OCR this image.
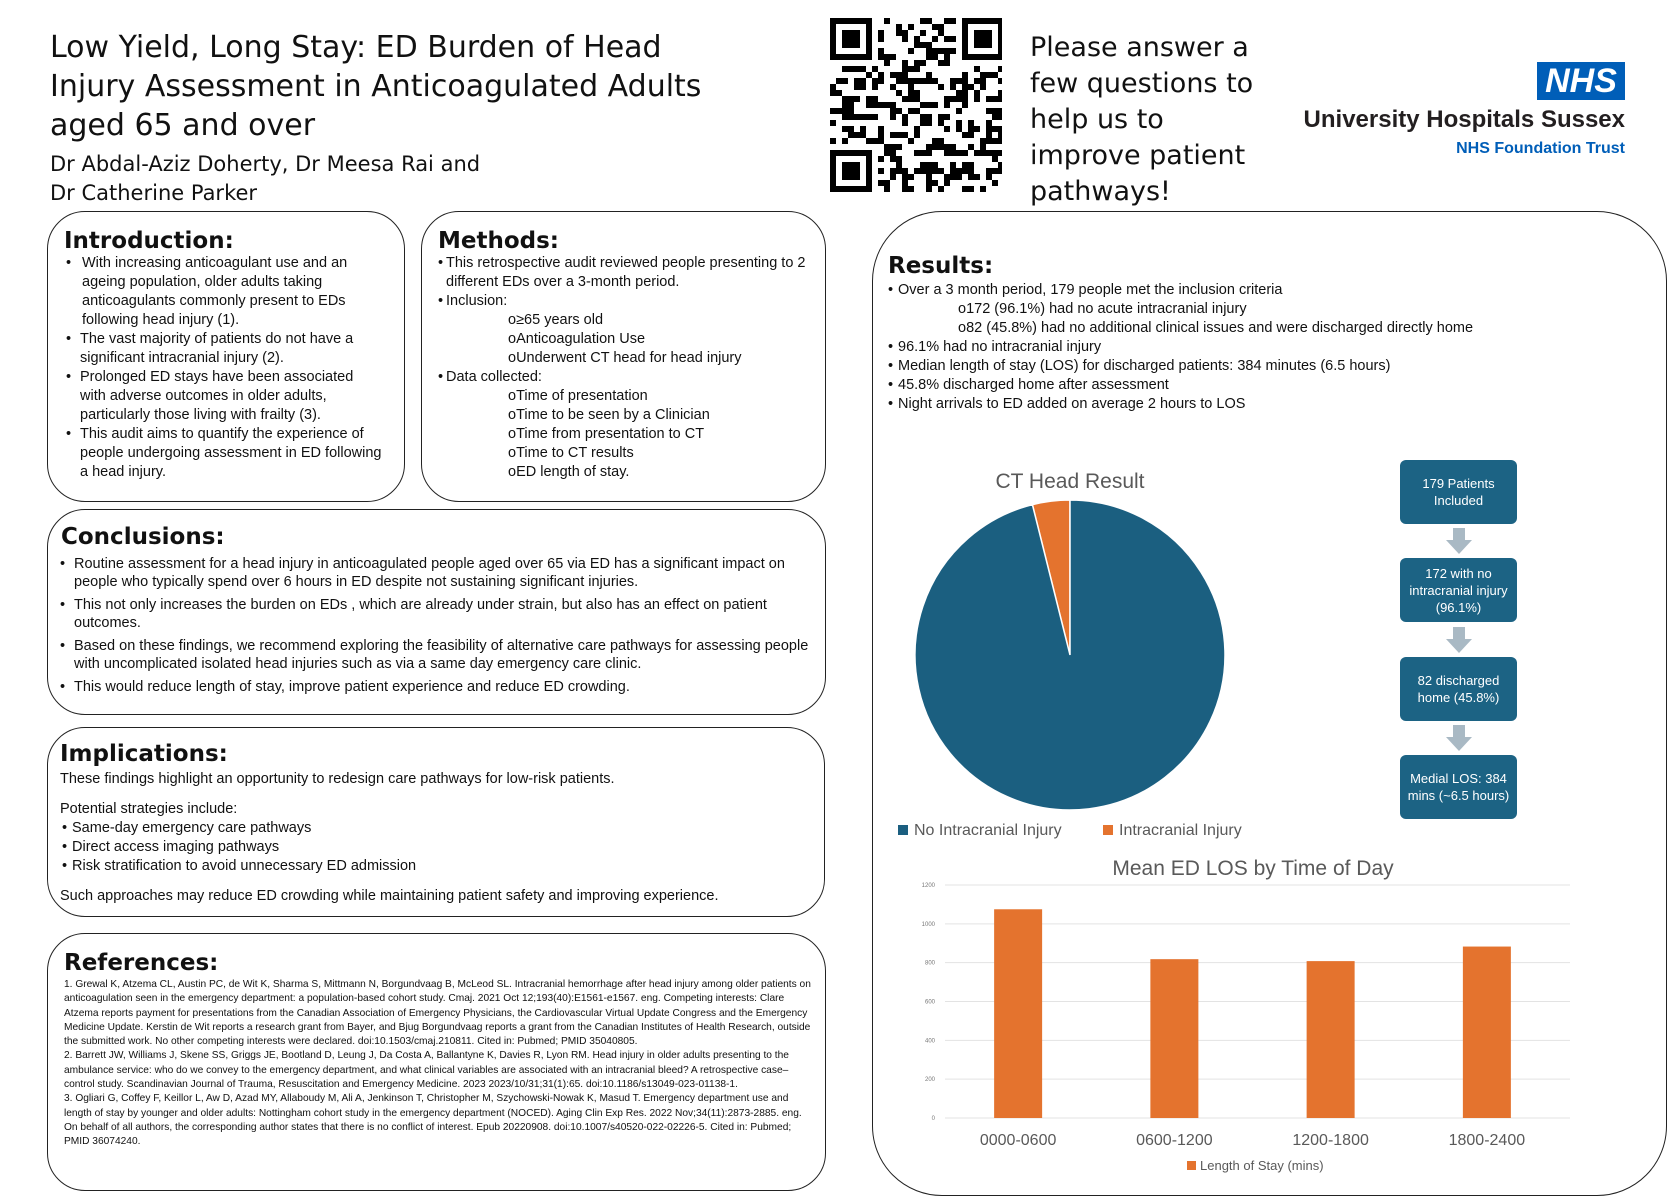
Low Yield, Long Stay: ED Burden of Head Injury Assessment in Anticoagulated Adults aged 65 and over
Dr Abdal-Aziz Doherty, Dr Meesa Rai and
Dr Catherine Parker
Please answer a few questions to help us to improve patient pathways!
NHS
University Hospitals Sussex
NHS Foundation Trust
Introduction:
• With increasing anticoagulant use and an ageing population, older adults taking anticoagulants commonly present to EDs following head injury (1).
• The vast majority of patients do not have a significant intracranial injury (2).
• Prolonged ED stays have been associated with adverse outcomes in older adults, particularly those living with frailty (3).
• This audit aims to quantify the experience of people undergoing assessment in ED following a head injury.
Methods:
• This retrospective audit reviewed people presenting to 2 different EDs over a 3-month period.
• Inclusion:
o ≥65 years old
o Anticoagulation Use
o Underwent CT head for head injury
• Data collected:
o Time of presentation
o Time to be seen by a Clinician
o Time from presentation to CT
o Time to CT results
o ED length of stay.
Conclusions:
• Routine assessment for a head injury in anticoagulated people aged over 65 via ED has a significant impact on people who typically spend over 6 hours in ED despite not sustaining significant injuries.
• This not only increases the burden on EDs , which are already under strain, but also has an effect on patient outcomes.
• Based on these findings, we recommend exploring the feasibility of alternative care pathways for assessing people with uncomplicated isolated head injuries such as via a same day emergency care clinic.
• This would reduce length of stay, improve patient experience and reduce ED crowding.
Implications:
These findings highlight an opportunity to redesign care pathways for low-risk patients.
Potential strategies include:
• Same-day emergency care pathways
• Direct access imaging pathways
• Risk stratification to avoid unnecessary ED admission
Such approaches may reduce ED crowding while maintaining patient safety and improving experience.
References:

1. Grewal K, Atzema CL, Austin PC, de Wit K, Sharma S, Mittmann N, Borgundvaag B, McLeod SL. Intracranial hemorrhage after head injury among older patients on anticoagulation seen in the emergency department: a population-based cohort study. Cmaj. 2021 Oct 12;193(40):E1561-e1567. eng. Competing interests: Clare Atzema reports payment for presentations from the Canadian Association of Emergency Physicians, the Cardiovascular Virtual Update Congress and the Emergency Medicine Update. Kerstin de Wit reports a research grant from Bayer, and Bjug Borgundvaag reports a grant from the Canadian Institutes of Health Research, outside the submitted work. No other competing interests were declared. doi:10.1503/cmaj.210811. Cited in: Pubmed; PMID 35040805.

2. Barrett JW, Williams J, Skene SS, Griggs JE, Bootland D, Leung J, Da Costa A, Ballantyne K, Davies R, Lyon RM. Head injury in older adults presenting to the ambulance service: who do we convey to the emergency department, and what clinical variables are associated with an intracranial bleed? A retrospective case–control study. Scandinavian Journal of Trauma, Resuscitation and Emergency Medicine. 2023 2023/10/31;31(1):65. doi:10.1186/s13049-023-01138-1.

3. Ogliari G, Coffey F, Keillor L, Aw D, Azad MY, Allaboudy M, Ali A, Jenkinson T, Christopher M, Szychowski-Nowak K, Masud T. Emergency department use and length of stay by younger and older adults: Nottingham cohort study in the emergency department (NOCED). Aging Clin Exp Res. 2022 Nov;34(11):2873-2885. eng. On behalf of all authors, the corresponding author states that there is no conflict of interest. Epub 20220908. doi:10.1007/s40520-022-02226-5. Cited in: Pubmed; PMID 36074240.

Results:
• Over a 3 month period, 179 people met the inclusion criteria
o 172 (96.1%) had no acute intracranial injury
o 82 (45.8%) had no additional clinical issues and were discharged directly home
• 96.1% had no intracranial injury
• Median length of stay (LOS) for discharged patients: 384 minutes (6.5 hours)
• 45.8% discharged home after assessment
• Night arrivals to ED added on average 2 hours to LOS
CT Head Result
No Intracranial Injury	Intracranial Injury
179 Patients Included
172 with no intracranial injury (96.1%)
82 discharged home (45.8%)
Medial LOS: 384 mins (~6.5 hours)
Mean ED LOS by Time of Day
0
200
400
600
800
1000
1200
0000-0600	0600-1200	1200-1800	1800-2400
Length of Stay (mins)
